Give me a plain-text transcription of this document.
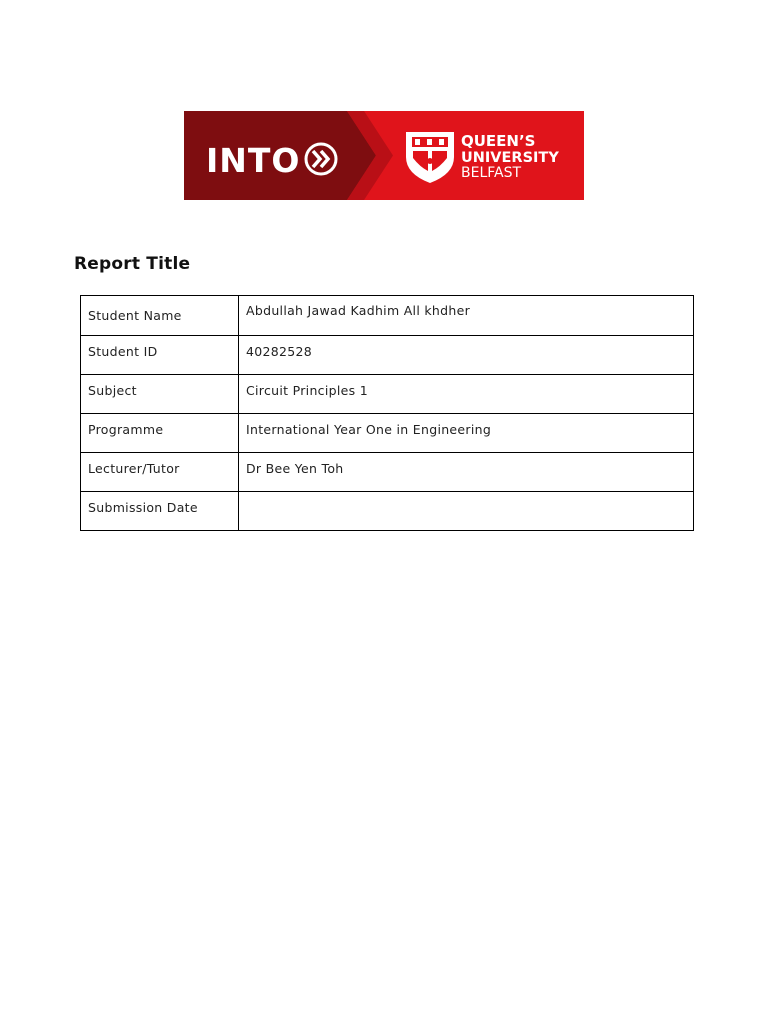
INTO	QUEEN’S
UNIVERSITY
BELFAST
Report Title
Student Name	Abdullah Jawad Kadhim All khdher
Student ID	40282528
Subject	Circuit Principles 1
Programme	International Year One in Engineering
Lecturer/Tutor	Dr Bee Yen Toh
Submission Date	
